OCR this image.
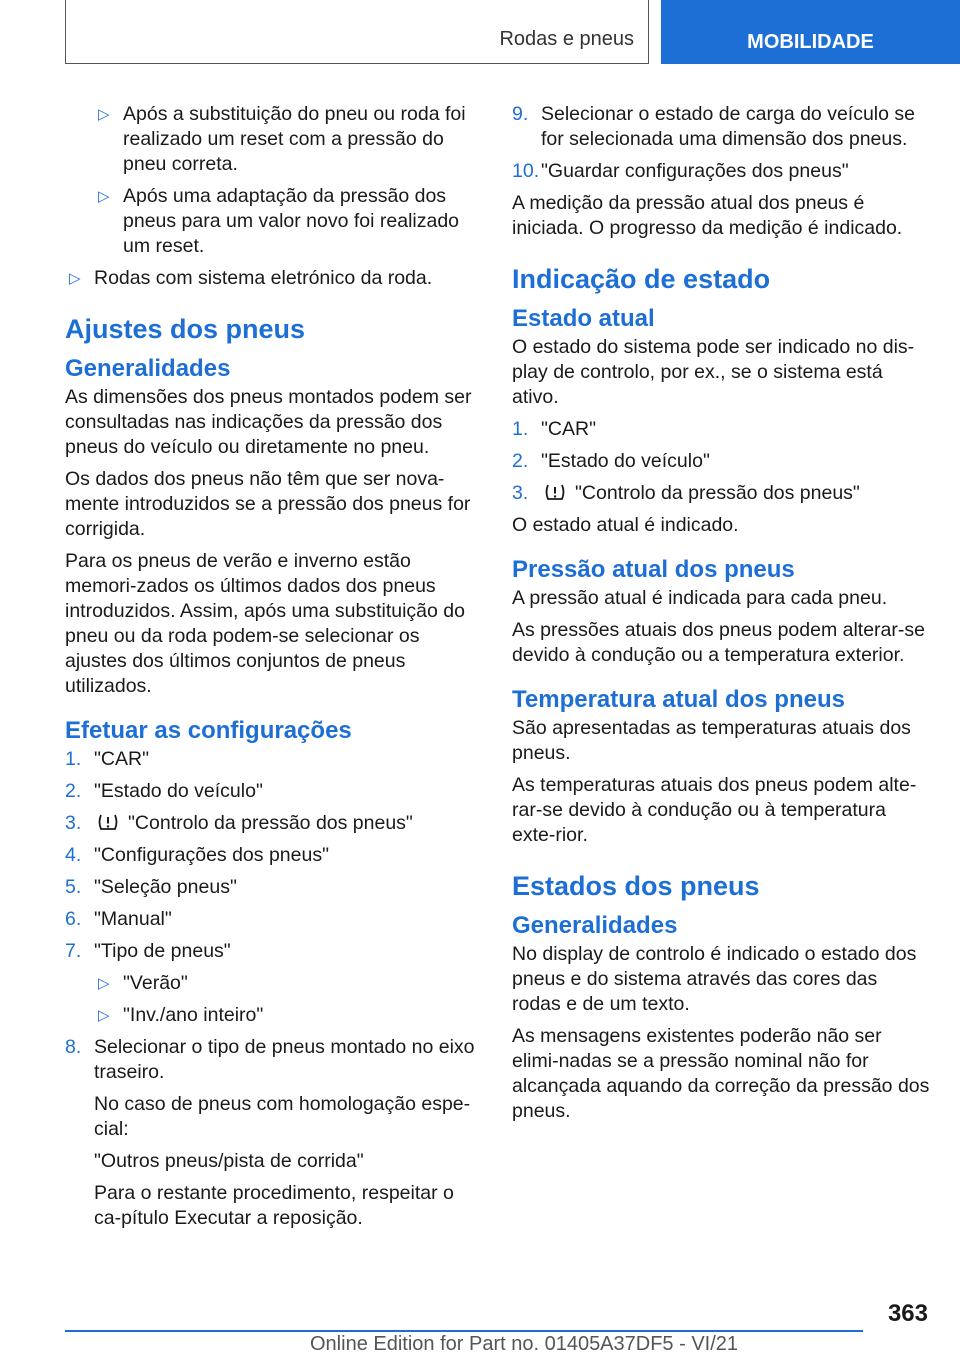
Rodas e pneus	MOBILIDADE
▷ Após a substituição do pneu ou roda foi realizado um reset com a pressão do pneu correta.
▷ Após uma adaptação da pressão dos pneus para um valor novo foi realizado um reset.
▷ Rodas com sistema eletrónico da roda.
Ajustes dos pneus
Generalidades

As dimensões dos pneus montados podem ser consultadas nas indicações da pressão dos pneus do veículo ou diretamente no pneu.

Os dados dos pneus não têm que ser nova-mente introduzidos se a pressão dos pneus for corrigida.

Para os pneus de verão e inverno estão memori-zados os últimos dados dos pneus introduzidos. Assim, após uma substituição do pneu ou da roda podem-se selecionar os ajustes dos últimos conjuntos de pneus utilizados.

Efetuar as configurações
1. "CAR"
2. "Estado do veículo"
3. "Controlo da pressão dos pneus"
4. "Configurações dos pneus"
5. "Seleção pneus"
6. "Manual"
7. "Tipo de pneus"
▷ "Verão"
▷ "Inv./ano inteiro"
8. Selecionar o tipo de pneus montado no eixo traseiro.
No caso de pneus com homologação espe-cial:
"Outros pneus/pista de corrida"
Para o restante procedimento, respeitar o ca-pítulo Executar a reposição.
9. Selecionar o estado de carga do veículo se for selecionada uma dimensão dos pneus.
10. "Guardar configurações dos pneus"

A medição da pressão atual dos pneus é iniciada. O progresso da medição é indicado.

Indicação de estado
Estado atual

O estado do sistema pode ser indicado no dis-play de controlo, por ex., se o sistema está ativo.

1. "CAR"
2. "Estado do veículo"
3. "Controlo da pressão dos pneus"

O estado atual é indicado.

Pressão atual dos pneus

A pressão atual é indicada para cada pneu.

As pressões atuais dos pneus podem alterar-se devido à condução ou a temperatura exterior.

Temperatura atual dos pneus

São apresentadas as temperaturas atuais dos pneus.

As temperaturas atuais dos pneus podem alte-rar-se devido à condução ou à temperatura exte-rior.

Estados dos pneus
Generalidades

No display de controlo é indicado o estado dos pneus e do sistema através das cores das rodas e de um texto.

As mensagens existentes poderão não ser elimi-nadas se a pressão nominal não for alcançada aquando da correção da pressão dos pneus.

363
Online Edition for Part no. 01405A37DF5 - VI/21
